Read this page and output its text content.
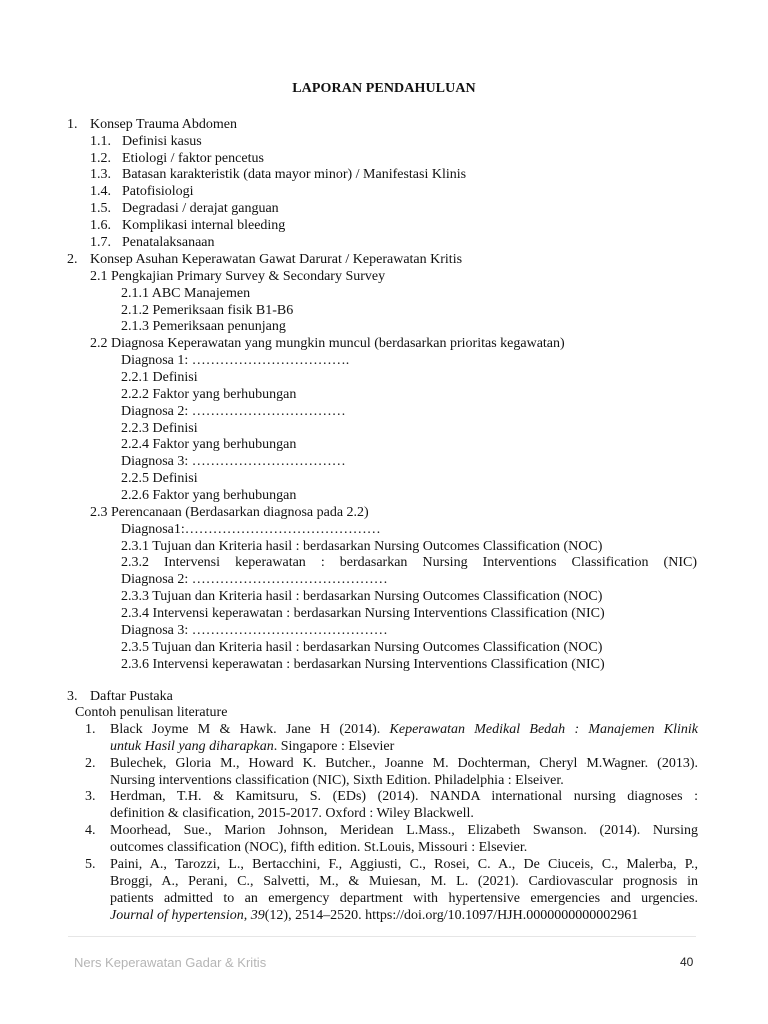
LAPORAN PENDAHULUAN
1. Konsep Trauma Abdomen
1.1. Definisi kasus
1.2. Etiologi / faktor pencetus
1.3. Batasan karakteristik (data mayor minor) / Manifestasi Klinis
1.4. Patofisiologi
1.5. Degradasi / derajat ganguan
1.6. Komplikasi internal bleeding
1.7. Penatalaksanaan
2. Konsep Asuhan Keperawatan Gawat Darurat / Keperawatan Kritis
2.1 Pengkajian Primary Survey & Secondary Survey
2.1.1 ABC Manajemen
2.1.2 Pemeriksaan fisik B1-B6
2.1.3 Pemeriksaan penunjang
2.2 Diagnosa Keperawatan yang mungkin muncul (berdasarkan prioritas kegawatan)
Diagnosa 1: …………………………….
2.2.1 Definisi
2.2.2 Faktor yang berhubungan
Diagnosa 2: ……………………………
2.2.3 Definisi
2.2.4 Faktor yang berhubungan
Diagnosa 3: ……………………………
2.2.5 Definisi
2.2.6 Faktor yang berhubungan
2.3 Perencanaan (Berdasarkan diagnosa pada 2.2)
Diagnosa1:……………………………………
2.3.1 Tujuan dan Kriteria hasil : berdasarkan Nursing Outcomes Classification (NOC)
2.3.2 Intervensi keperawatan : berdasarkan Nursing Interventions Classification (NIC)
Diagnosa 2: ……………………………………
2.3.3 Tujuan dan Kriteria hasil : berdasarkan Nursing Outcomes Classification (NOC)
2.3.4 Intervensi keperawatan : berdasarkan Nursing Interventions Classification (NIC)
Diagnosa 3: ……………………………………
2.3.5 Tujuan dan Kriteria hasil : berdasarkan Nursing Outcomes Classification (NOC)
2.3.6 Intervensi keperawatan : berdasarkan Nursing Interventions Classification (NIC)
3. Daftar Pustaka
Contoh penulisan literature
1. Black Joyme M & Hawk. Jane H (2014). Keperawatan Medikal Bedah : Manajemen Klinik
untuk Hasil yang diharapkan. Singapore : Elsevier
2. Bulechek, Gloria M., Howard K. Butcher., Joanne M. Dochterman, Cheryl M.Wagner. (2013).
Nursing interventions classification (NIC), Sixth Edition. Philadelphia : Elseiver.
3. Herdman, T.H. & Kamitsuru, S. (EDs) (2014). NANDA international nursing diagnoses :
definition & clasification, 2015-2017. Oxford : Wiley Blackwell.
4. Moorhead, Sue., Marion Johnson, Meridean L.Mass., Elizabeth Swanson. (2014). Nursing
outcomes classification (NOC), fifth edition. St.Louis, Missouri : Elsevier.
5. Paini, A., Tarozzi, L., Bertacchini, F., Aggiusti, C., Rosei, C. A., De Ciuceis, C., Malerba, P.,
Broggi, A., Perani, C., Salvetti, M., & Muiesan, M. L. (2021). Cardiovascular prognosis in
patients admitted to an emergency department with hypertensive emergencies and urgencies.
Journal of hypertension, 39(12), 2514–2520. https://doi.org/10.1097/HJH.0000000000002961
Ners Keperawatan Gadar & Kritis	40
